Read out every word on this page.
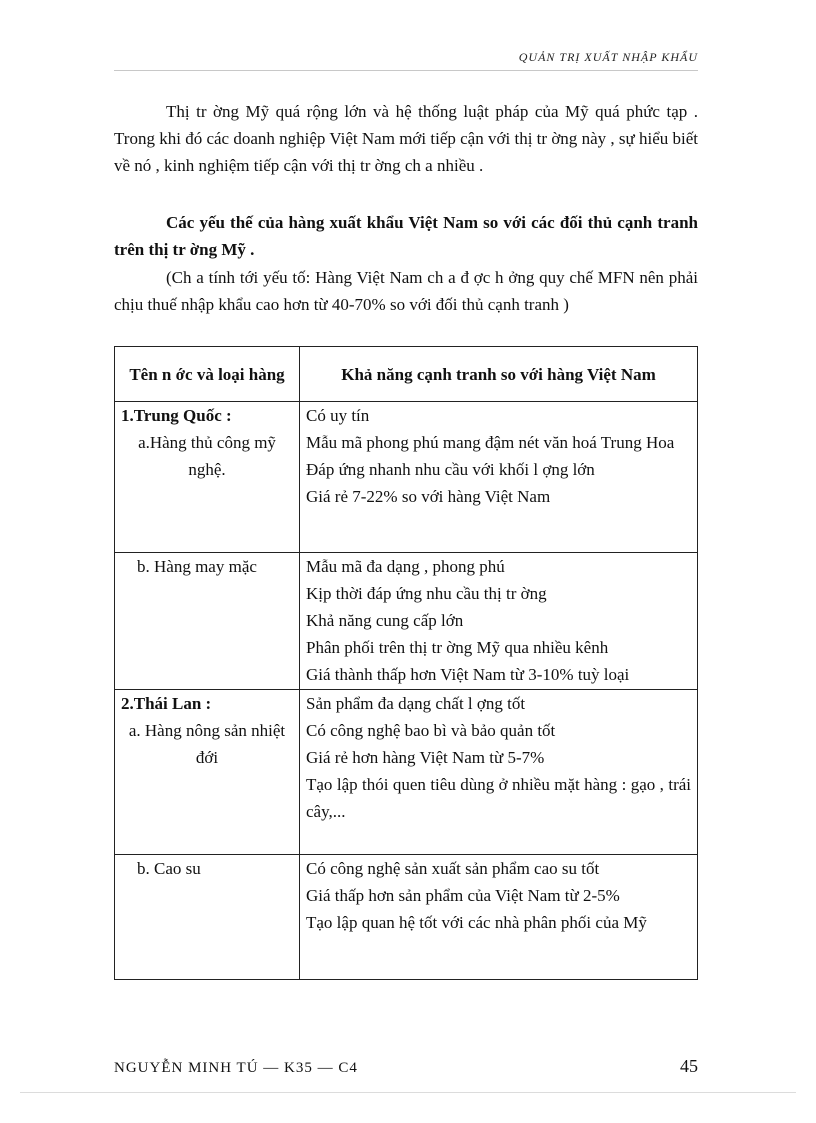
QUẢN TRỊ XUẤT NHẬP KHẨU
Thị tr ờng Mỹ quá rộng lớn và hệ thống luật pháp của Mỹ quá phức tạp . Trong khi đó các doanh nghiệp Việt Nam mới tiếp cận với thị tr ờng này , sự hiểu biết về nó , kinh nghiệm tiếp cận với thị tr ờng ch a nhiều .
Các yếu thế của hàng xuất khẩu Việt Nam so với các đối thủ cạnh tranh trên thị tr ờng Mỹ .
(Ch a tính tới yếu tố: Hàng Việt Nam ch a đ ợc h ởng quy chế MFN nên phải chịu thuế nhập khẩu cao hơn từ 40-70% so với đối thủ cạnh tranh )
Tên n ớc và loại hàng	Khả năng cạnh tranh so với hàng Việt Nam

1.Trung Quốc :
a.Hàng thủ công mỹ nghệ.	Có uy tín
Mẫu mã phong phú mang đậm nét văn hoá Trung Hoa
Đáp ứng nhanh nhu cầu với khối l ợng lớn
Giá rẻ 7-22% so với hàng Việt Nam

b. Hàng may mặc	Mẫu mã đa dạng , phong phú
Kịp thời đáp ứng nhu cầu thị tr ờng
Khả năng cung cấp lớn
Phân phối trên thị tr ờng Mỹ qua nhiều kênh
Giá thành thấp hơn Việt Nam từ 3-10% tuỳ loại

2.Thái Lan :
a. Hàng nông sản nhiệt đới	Sản phẩm đa dạng chất l ợng tốt
Có công nghệ bao bì và bảo quản tốt
Giá rẻ hơn hàng Việt Nam từ 5-7%
Tạo lập thói quen tiêu dùng ở nhiều mặt hàng : gạo , trái cây,...

b. Cao su	Có công nghệ sản xuất sản phẩm cao su tốt
Giá thấp hơn sản phẩm của Việt Nam từ 2-5%
Tạo lập quan hệ tốt với các nhà phân phối của Mỹ
NGUYỄN MINH TÚ — K35 — C4	45
